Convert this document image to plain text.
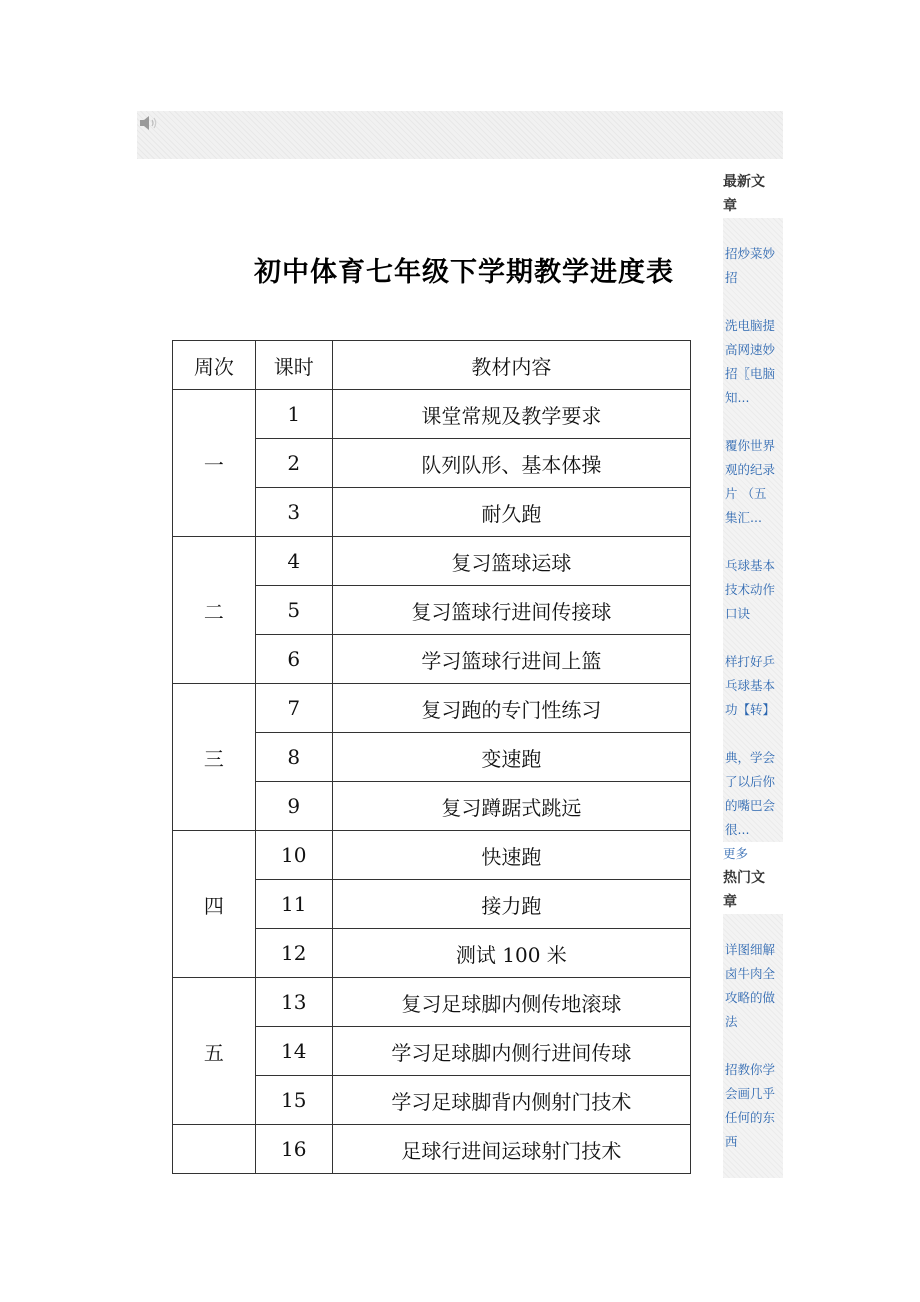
初中体育七年级下学期教学进度表
周次	课时	教材内容
一	1	课堂常规及教学要求
	2	队列队形、基本体操
	3	耐久跑
二	4	复习篮球运球
	5	复习篮球行进间传接球
	6	学习篮球行进间上篮
三	7	复习跑的专门性练习
	8	变速跑
	9	复习蹲踞式跳远
四	10	快速跑
	11	接力跑
	12	测试 100 米
五	13	复习足球脚内侧传地滚球
	14	学习足球脚内侧行进间传球
	15	学习足球脚背内侧射门技术
	16	足球行进间运球射门技术
最新文
章
招炒菜妙
招
洗电脑提
高网速妙
招〖电脑
知...
覆你世界
观的纪录
片 （五
集汇...
乓球基本
技术动作
口诀
样打好乒
乓球基本
功【转】
典，学会
了以后你
的嘴巴会
很...
更多
热门文
章
详图细解
卤牛肉全
攻略的做
法
招教你学
会画几乎
任何的东
西
